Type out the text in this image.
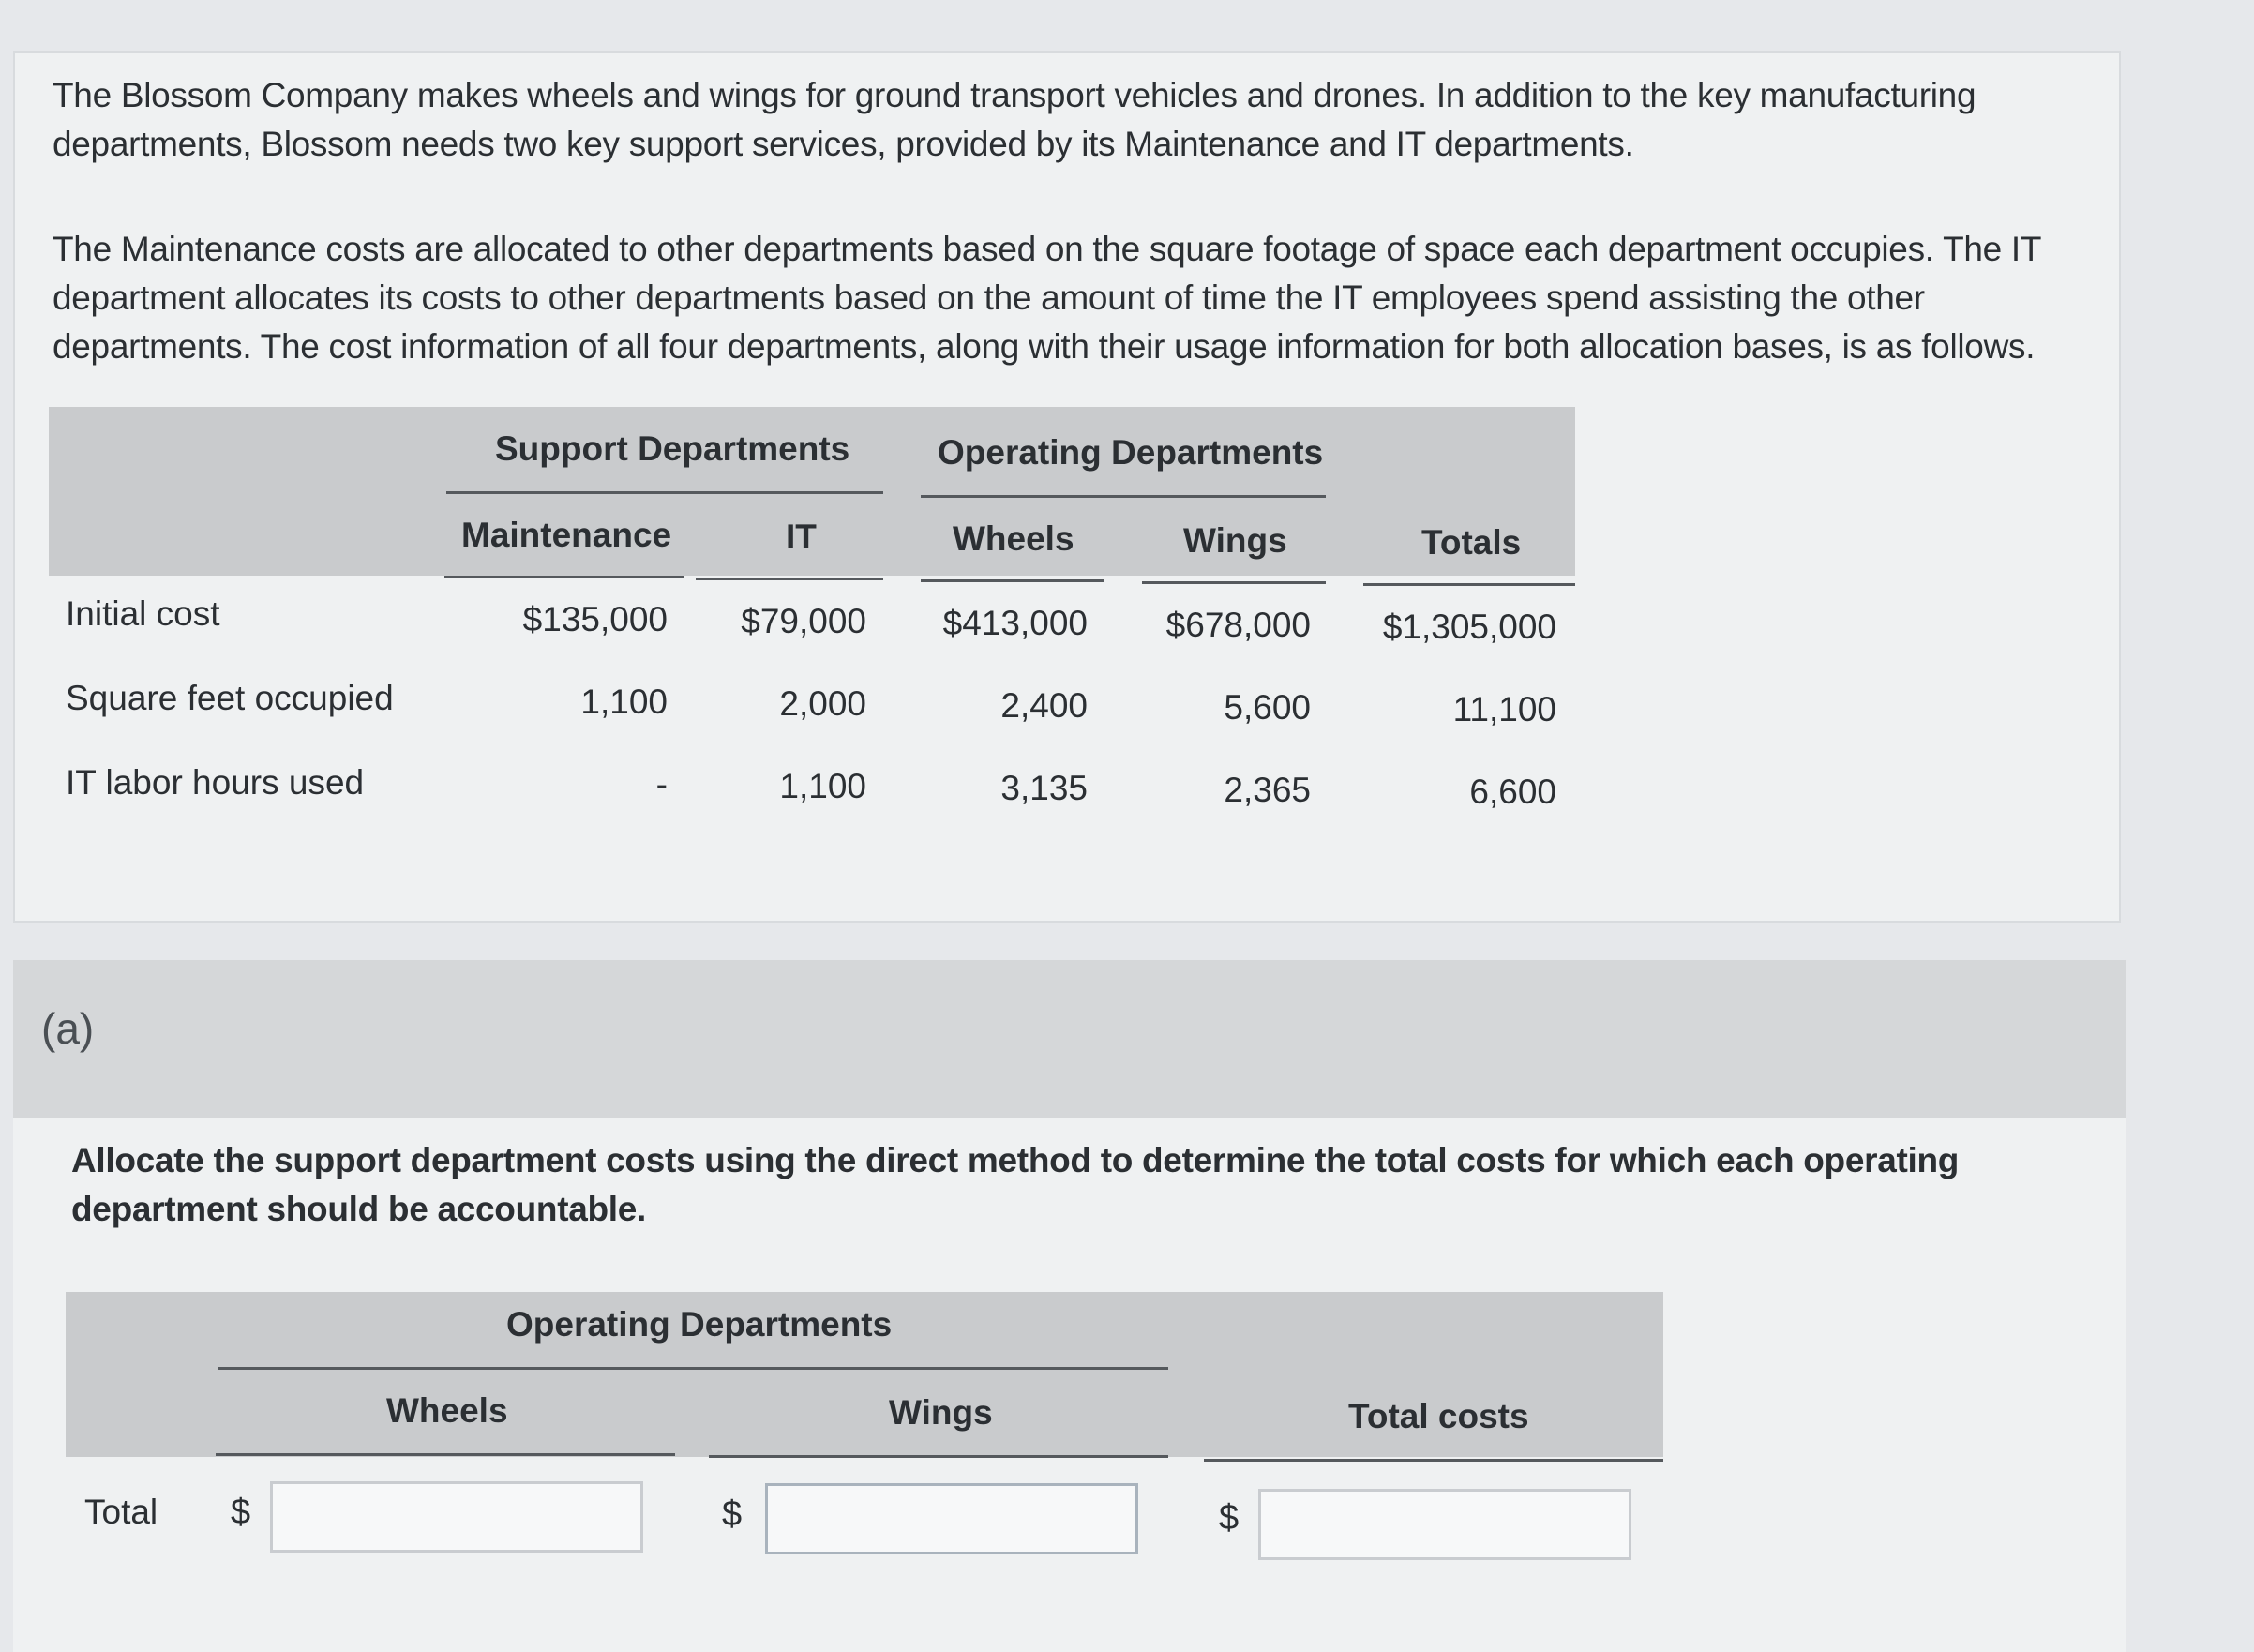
The Blossom Company makes wheels and wings for ground transport vehicles and drones. In addition to the key manufacturing departments, Blossom needs two key support services, provided by its Maintenance and IT departments.

The Maintenance costs are allocated to other departments based on the square footage of space each department occupies. The IT department allocates its costs to other departments based on the amount of time the IT employees spend assisting the other departments. The cost information of all four departments, along with their usage information for both allocation bases, is as follows.

Support Departments	Operating Departments
Maintenance	IT	Wheels	Wings	Totals
Initial cost	$135,000	$79,000	$413,000	$678,000	$1,305,000
Square feet occupied	1,100	2,000	2,400	5,600	11,100
IT labor hours used	-	1,100	3,135	2,365	6,600
(a)

Allocate the support department costs using the direct method to determine the total costs for which each operating department should be accountable.

Operating Departments
Wheels	Wings	Total costs
Total $	$	$
